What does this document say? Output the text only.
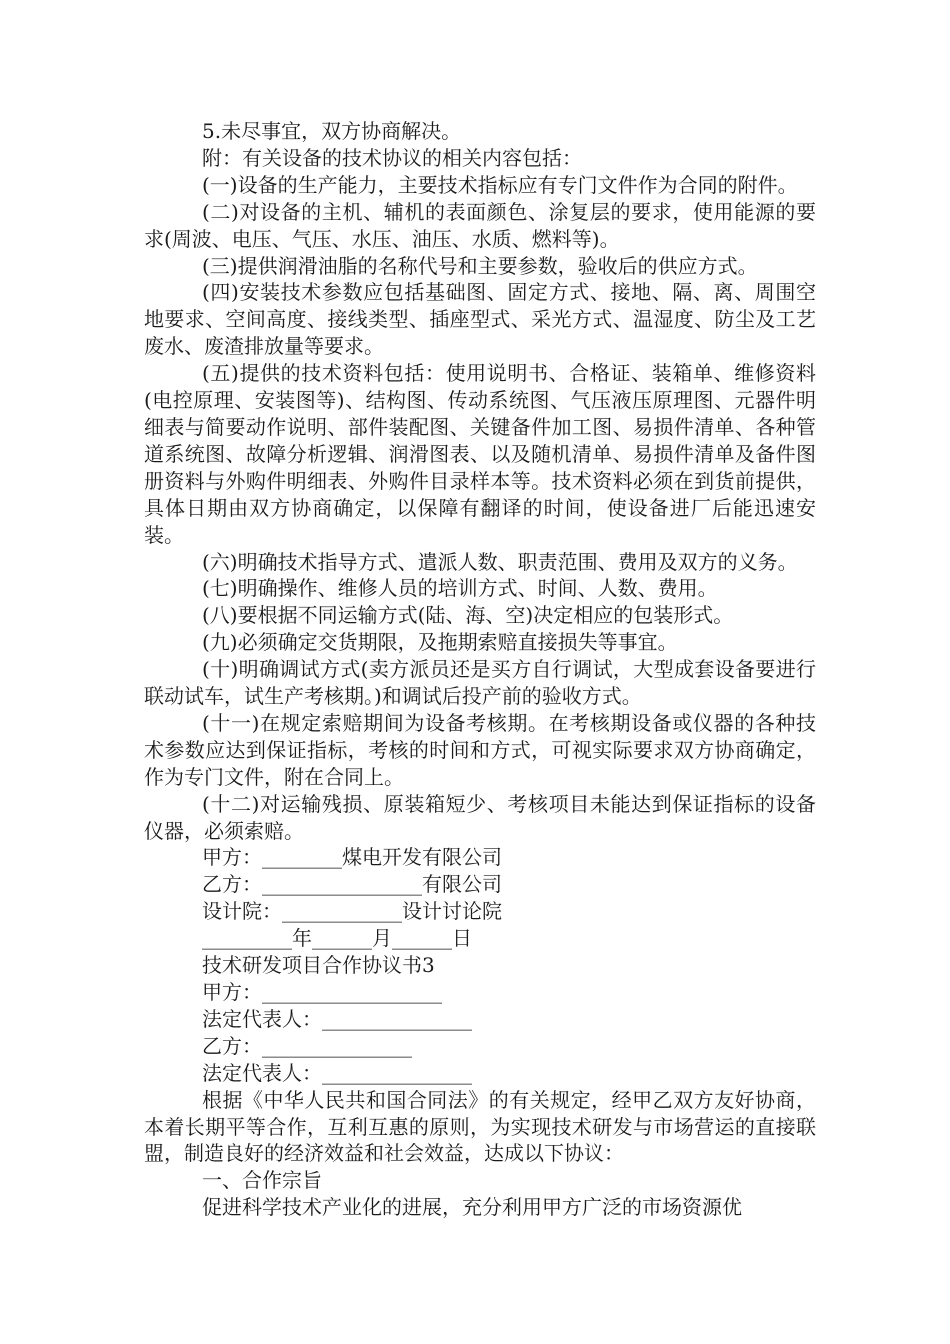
5.未尽事宜，双方协商解决。

附：有关设备的技术协议的相关内容包括：

(一)设备的生产能力，主要技术指标应有专门文件作为合同的附件。

(二)对设备的主机、辅机的表面颜色、涂复层的要求，使用能源的要求(周波、电压、气压、水压、油压、水质、燃料等)。

(三)提供润滑油脂的名称代号和主要参数，验收后的供应方式。

(四)安装技术参数应包括基础图、固定方式、接地、隔、离、周围空地要求、空间高度、接线类型、插座型式、采光方式、温湿度、防尘及工艺废水、废渣排放量等要求。

(五)提供的技术资料包括：使用说明书、合格证、装箱单、维修资料(电控原理、安装图等)、结构图、传动系统图、气压液压原理图、元器件明细表与简要动作说明、部件装配图、关键备件加工图、易损件清单、各种管道系统图、故障分析逻辑、润滑图表、以及随机清单、易损件清单及备件图册资料与外购件明细表、外购件目录样本等。技术资料必须在到货前提供，具体日期由双方协商确定，以保障有翻译的时间，使设备进厂后能迅速安装。

(六)明确技术指导方式、遣派人数、职责范围、费用及双方的义务。

(七)明确操作、维修人员的培训方式、时间、人数、费用。

(八)要根据不同运输方式(陆、海、空)决定相应的包装形式。

(九)必须确定交货期限，及拖期索赔直接损失等事宜。

(十)明确调试方式(卖方派员还是买方自行调试，大型成套设备要进行联动试车，试生产考核期。)和调试后投产前的验收方式。

(十一)在规定索赔期间为设备考核期。在考核期设备或仪器的各种技术参数应达到保证指标，考核的时间和方式，可视实际要求双方协商确定，作为专门文件，附在合同上。

(十二)对运输残损、原装箱短少、考核项目未能达到保证指标的设备仪器，必须索赔。

甲方：________煤电开发有限公司

乙方：________________有限公司

设计院：____________设计讨论院

_________年______月______日

技术研发项目合作协议书3

甲方：__________________

法定代表人：_______________

乙方：_______________

法定代表人：_______________

根据《中华人民共和国合同法》的有关规定，经甲乙双方友好协商，本着长期平等合作，互利互惠的原则，为实现技术研发与市场营运的直接联盟，制造良好的经济效益和社会效益，达成以下协议：

一、合作宗旨

促进科学技术产业化的进展，充分利用甲方广泛的市场资源优
